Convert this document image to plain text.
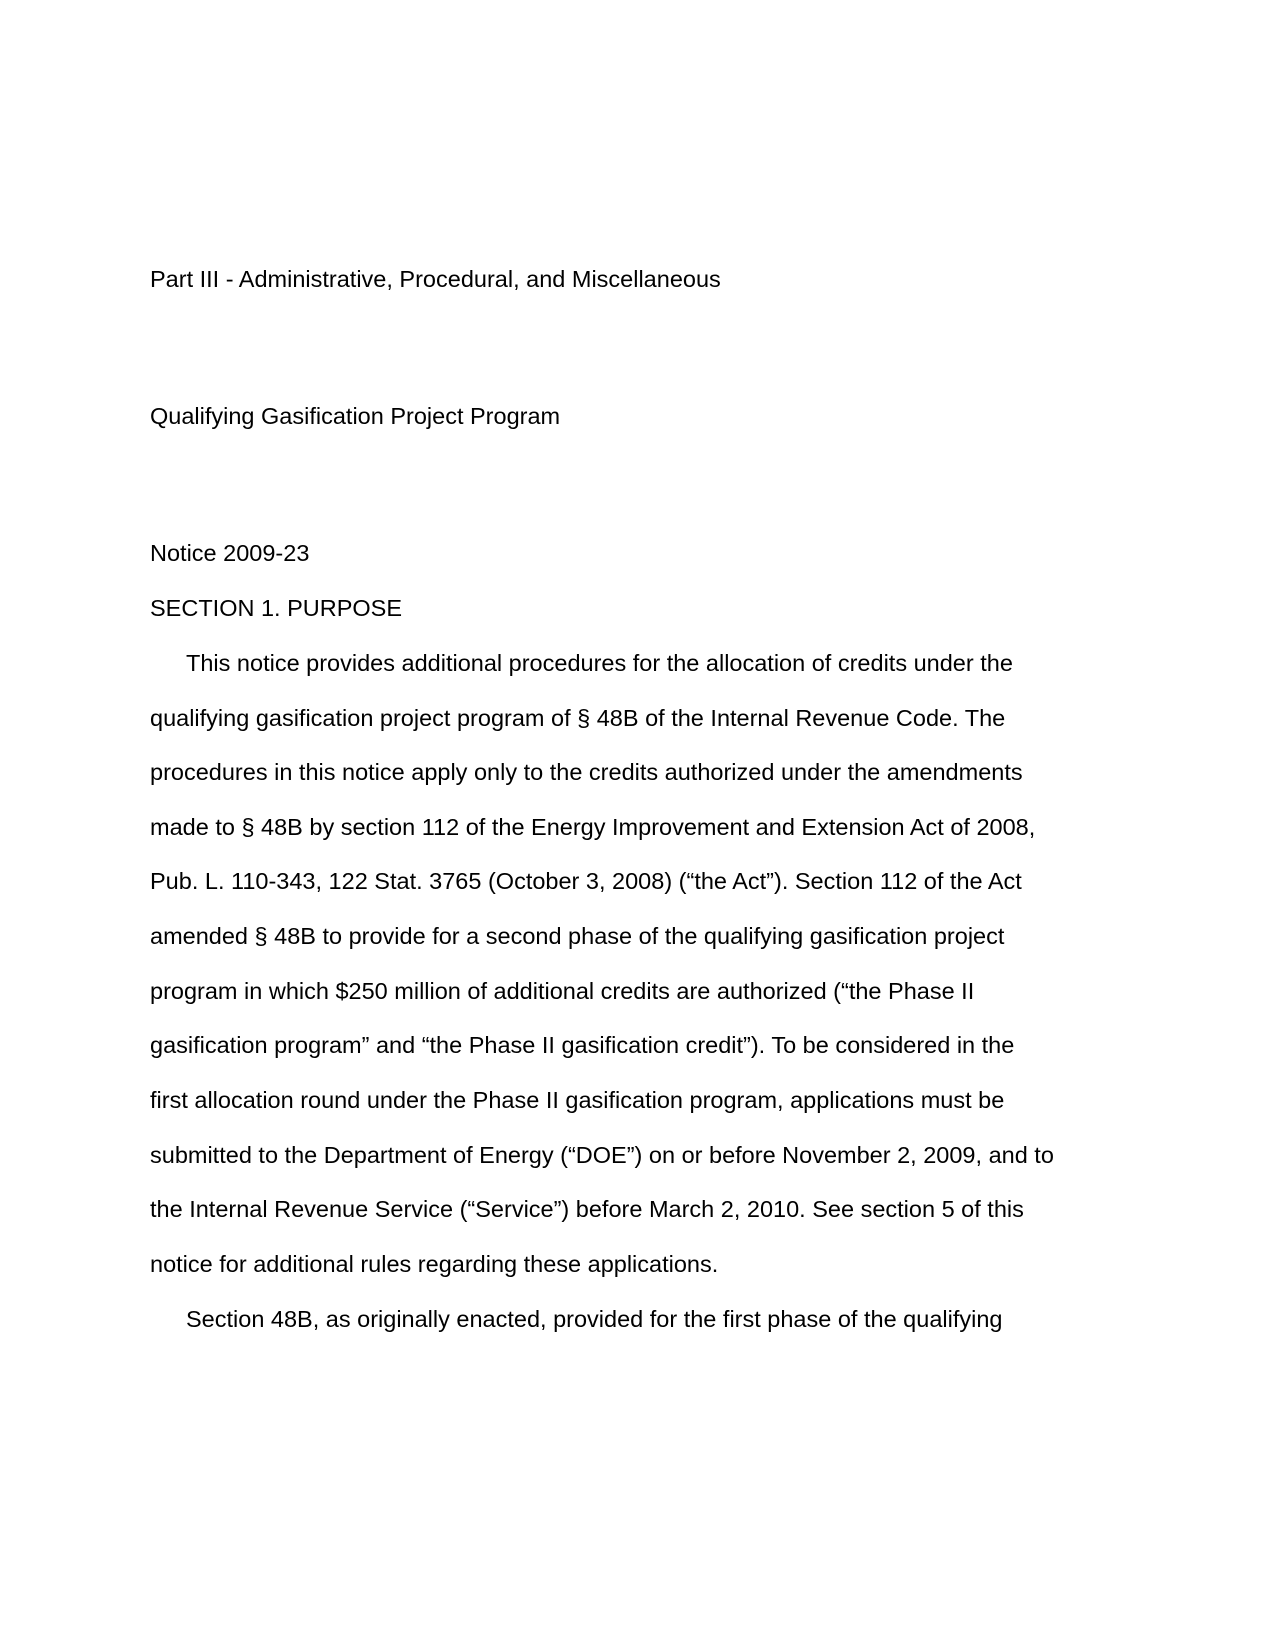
Part III - Administrative, Procedural, and Miscellaneous
Qualifying Gasification Project Program

Notice 2009-23

SECTION 1. PURPOSE

This notice provides additional procedures for the allocation of credits under the

qualifying gasification project program of § 48B of the Internal Revenue Code. The

procedures in this notice apply only to the credits authorized under the amendments

made to § 48B by section 112 of the Energy Improvement and Extension Act of 2008,

Pub. L. 110-343, 122 Stat. 3765 (October 3, 2008) (“the Act”). Section 112 of the Act

amended § 48B to provide for a second phase of the qualifying gasification project

program in which $250 million of additional credits are authorized (“the Phase II

gasification program” and “the Phase II gasification credit”). To be considered in the

first allocation round under the Phase II gasification program, applications must be

submitted to the Department of Energy (“DOE”) on or before November 2, 2009, and to

the Internal Revenue Service (“Service”) before March 2, 2010. See section 5 of this

notice for additional rules regarding these applications.

Section 48B, as originally enacted, provided for the first phase of the qualifying
